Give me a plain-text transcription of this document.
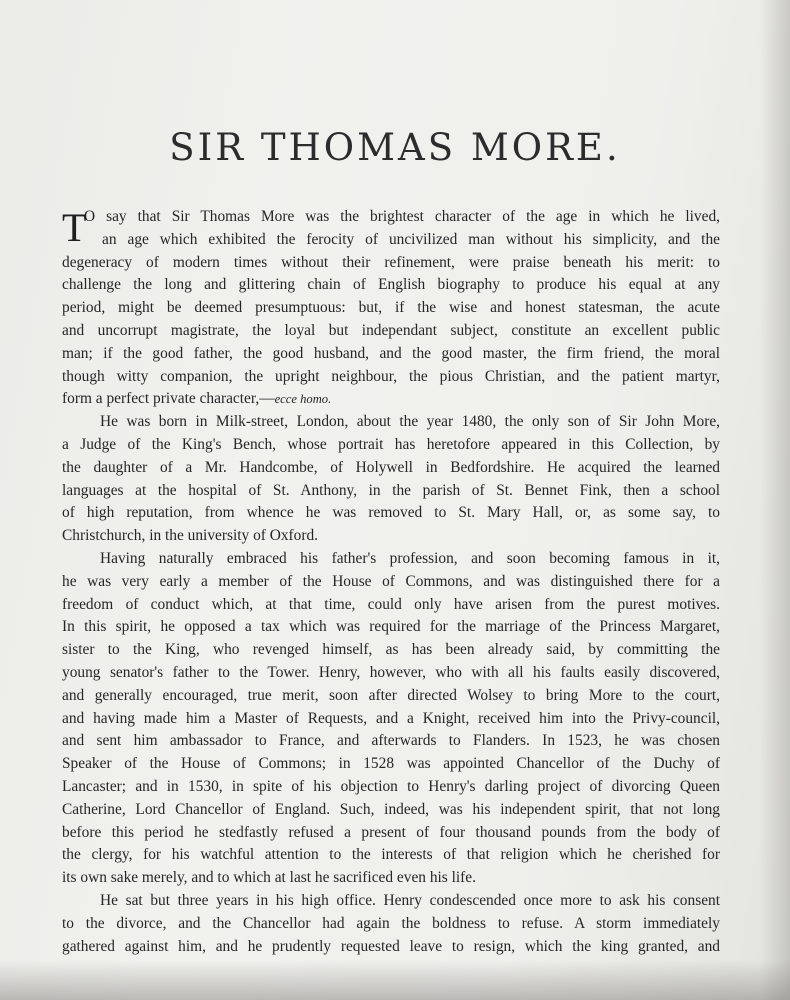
SIR THOMAS MORE.
T
O say that Sir Thomas More was the brightest character of the age in which he lived,
an age which exhibited the ferocity of uncivilized man without his simplicity, and the
degeneracy of modern times without their refinement, were praise beneath his merit: to
challenge the long and glittering chain of English biography to produce his equal at any
period, might be deemed presumptuous: but, if the wise and honest statesman, the acute
and uncorrupt magistrate, the loyal but independant subject, constitute an excellent public
man; if the good father, the good husband, and the good master, the firm friend, the moral
though witty companion, the upright neighbour, the pious Christian, and the patient martyr,
form a perfect private character,—ecce homo.
He was born in Milk-street, London, about the year 1480, the only son of Sir John More,
a Judge of the King's Bench, whose portrait has heretofore appeared in this Collection, by
the daughter of a Mr. Handcombe, of Holywell in Bedfordshire. He acquired the learned
languages at the hospital of St. Anthony, in the parish of St. Bennet Fink, then a school
of high reputation, from whence he was removed to St. Mary Hall, or, as some say, to
Christchurch, in the university of Oxford.
Having naturally embraced his father's profession, and soon becoming famous in it,
he was very early a member of the House of Commons, and was distinguished there for a
freedom of conduct which, at that time, could only have arisen from the purest motives.
In this spirit, he opposed a tax which was required for the marriage of the Princess Margaret,
sister to the King, who revenged himself, as has been already said, by committing the
young senator's father to the Tower. Henry, however, who with all his faults easily discovered,
and generally encouraged, true merit, soon after directed Wolsey to bring More to the court,
and having made him a Master of Requests, and a Knight, received him into the Privy-council,
and sent him ambassador to France, and afterwards to Flanders. In 1523, he was chosen
Speaker of the House of Commons; in 1528 was appointed Chancellor of the Duchy of
Lancaster; and in 1530, in spite of his objection to Henry's darling project of divorcing Queen
Catherine, Lord Chancellor of England. Such, indeed, was his independent spirit, that not long
before this period he stedfastly refused a present of four thousand pounds from the body of
the clergy, for his watchful attention to the interests of that religion which he cherished for
its own sake merely, and to which at last he sacrificed even his life.
He sat but three years in his high office. Henry condescended once more to ask his consent
to the divorce, and the Chancellor had again the boldness to refuse. A storm immediately
gathered against him, and he prudently requested leave to resign, which the king granted, and
